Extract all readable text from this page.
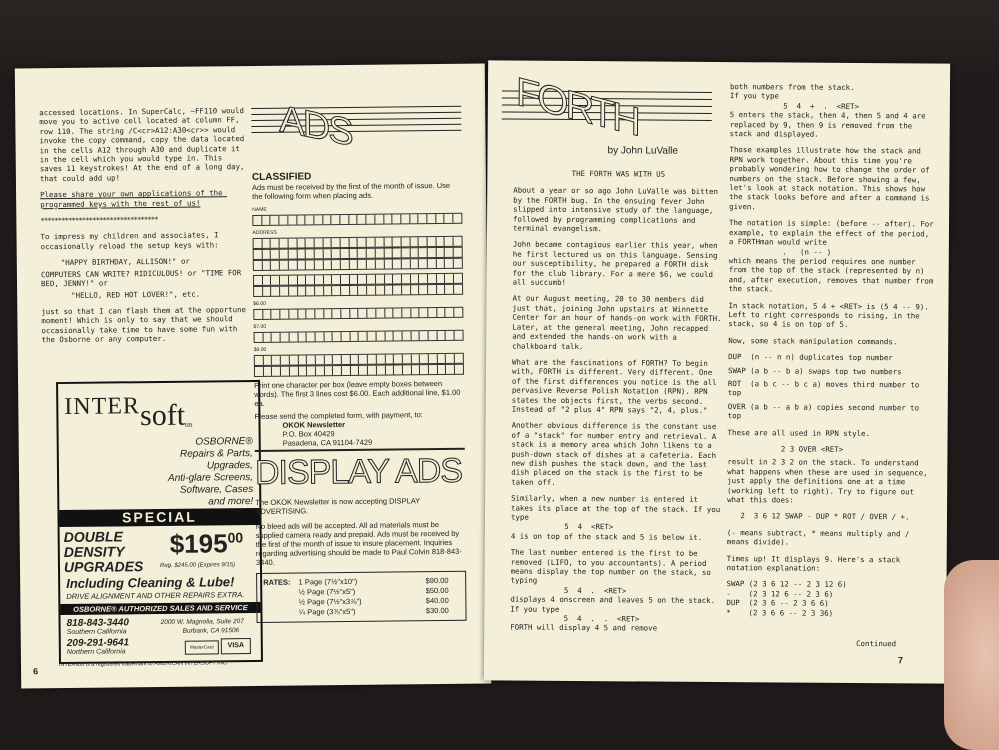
accessed locations. In SuperCalc, ~FF110 would move you to active cell located at column FF, row 110. The string /C<cr>A12:A30<cr>> would invoke the copy command, copy the data located in the cells A12 through A30 and duplicate it in the cell which you would type in. This saves 11 keystrokes! At the end of a long day, that could add up!

Please share your own applications of the programmed keys with the rest of us!

**********************************

To impress my children and associates, I occasionally reload the setup keys with:

"HAPPY BIRTHDAY, ALLISON!" or

COMPUTERS CAN WRITE? RIDICULOUS! or "TIME FOR BED, JENNY!" or

"HELLO, RED HOT LOVER!", etc.

just so that I can flash them at the opportune moment! Which is only to say that we should occasionally take time to have some fun with the Osborne or any computer.

INTERsoft$_{tm}$
OSBORNE®
Repairs & Parts,
Upgrades,
Anti-glare Screens,
Software, Cases
and more!
SPECIAL
DOUBLE
DENSITY
UPGRADES
$\$195^{00}$
Reg. $245.00 (Expires 9/15)
Including Cleaning & Lube!
DRIVE ALIGNMENT AND OTHER REPAIRS EXTRA.
OSBORNE® AUTHORIZED SALES AND SERVICE
818-843-3440
Southern California
2000 W. Magnolia, Suite 207
Burbank, CA 91506
209-291-9641
Northern California
MasterCard	VISA
INTERsoft is a registered trademark of AMERICAN INTERSOFT INC.
6
ADS
CLASSIFIED
Ads must be received by the first of the month of issue. Use the following form when placing ads.
NAME
ADDRESS
$6.00
$7.00
$8.00
Print one character per box (leave empty boxes between words). The first 3 lines cost $6.00. Each additional line, $1.00 ea.
Please send the completed form, with payment, to:
OKOK Newsletter
P.O. Box 40429
Pasadena, CA 91104-7429
DISPLAY ADS
The OKOK Newsletter is now accepting DISPLAY ADVERTISING.
No bleed ads will be accepted. All ad materials must be supplied camera ready and prepaid. Ads must be received by the first of the month of issue to insure placement. Inquiries regarding advertising should be made to Paul Colvin 818-843-3440.
RATES: 1 Page (7½"x10")	$90.00
½ Page (7½"x5")	$50.00
½ Page (7½"x3⅞")	$40.00
¼ Page (3⅞"x5")	$30.00
FORTH
by John LuValle

THE FORTH WAS WITH US

About a year or so ago John LuValle was bitten by the FORTH bug. In the ensuing fever John slipped into intensive study of the language, followed by programming complications and terminal evangelism.

John became contagious earlier this year, when he first lectured us on this language. Sensing our susceptibility, he prepared a FORTH disk for the club library. For a mere $6, we could all succumb!

At our August meeting, 20 to 30 members did just that, joining John upstairs at Winnette Center for an hour of hands-on work with FORTH. Later, at the general meeting, John recapped and extended the hands-on work with a chalkboard talk.

What are the fascinations of FORTH? To begin with, FORTH is different. Very different. One of the first differences you notice is the all pervasive Reverse Polish Notation (RPN). RPN states the objects first, the verbs second. Instead of "2 plus 4" RPN says "2, 4, plus."

Another obvious difference is the constant use of a "stack" for number entry and retrieval. A stack is a memory area which John likens to a push-down stack of dishes at a cafeteria. Each new dish pushes the stack down, and the last dish placed on the stack is the first to be taken off.

Similarly, when a new number is entered it takes its place at the top of the stack. If you type
5  4  <RET>
4 is on top of the stack and 5 is below it.

The last number entered is the first to be removed (LIFO, to you accountants). A period means display the top number on the stack, so typing
5  4  .  <RET>
displays 4 onscreen and leaves 5 on the stack. If you type
5  4  .  .  <RET>
FORTH will display 4 5 and remove

both numbers from the stack.
If you type
5  4  +  .  <RET>
5 enters the stack, then 4, then 5 and 4 are replaced by 9, then 9 is removed from the stack and displayed.

Those examples illustrate how the stack and RPN work together. About this time you're probably wondering how to change the order of numbers on the stack. Before showing a few, let's look at stack notation. This shows how the stack looks before and after a command is given.

The notation is simple: (before -- after). For example, to explain the effect of the period, a FORTHman would write
.   (n -- )
which means the period requires one number from the top of the stack (represented by n) and, after execution, removes that number from the stack.

In stack notation, 5 4 + <RET> is (5 4 -- 9). Left to right corresponds to rising, in the stack, so 4 is on top of 5.

Now, some stack manipulation commands.

DUP  (n -- n n) duplicates top number

SWAP (a b -- b a) swaps top two numbers

ROT  (a b c -- b c a) moves third number to top

OVER (a b -- a b a) copies second number to top

These are all used in RPN style.

2 3 OVER <RET>

result in 2 3 2 on the stack. To understand what happens when these are used in sequence, just apply the definitions one at a time (working left to right). Try to figure out what this does:

2  3 6 12 SWAP - DUP * ROT / OVER / +.

(- means subtract, * means multiply and / means divide).

Times up! It displays 9. Here's a stack notation explanation:

SWAP (2 3 6 12 -- 2 3 12 6)
-    (2 3 12 6 -- 2 3 6)
DUP  (2 3 6 -- 2 3 6 6)
*    (2 3 6 6 -- 2 3 36)

Continued
7
